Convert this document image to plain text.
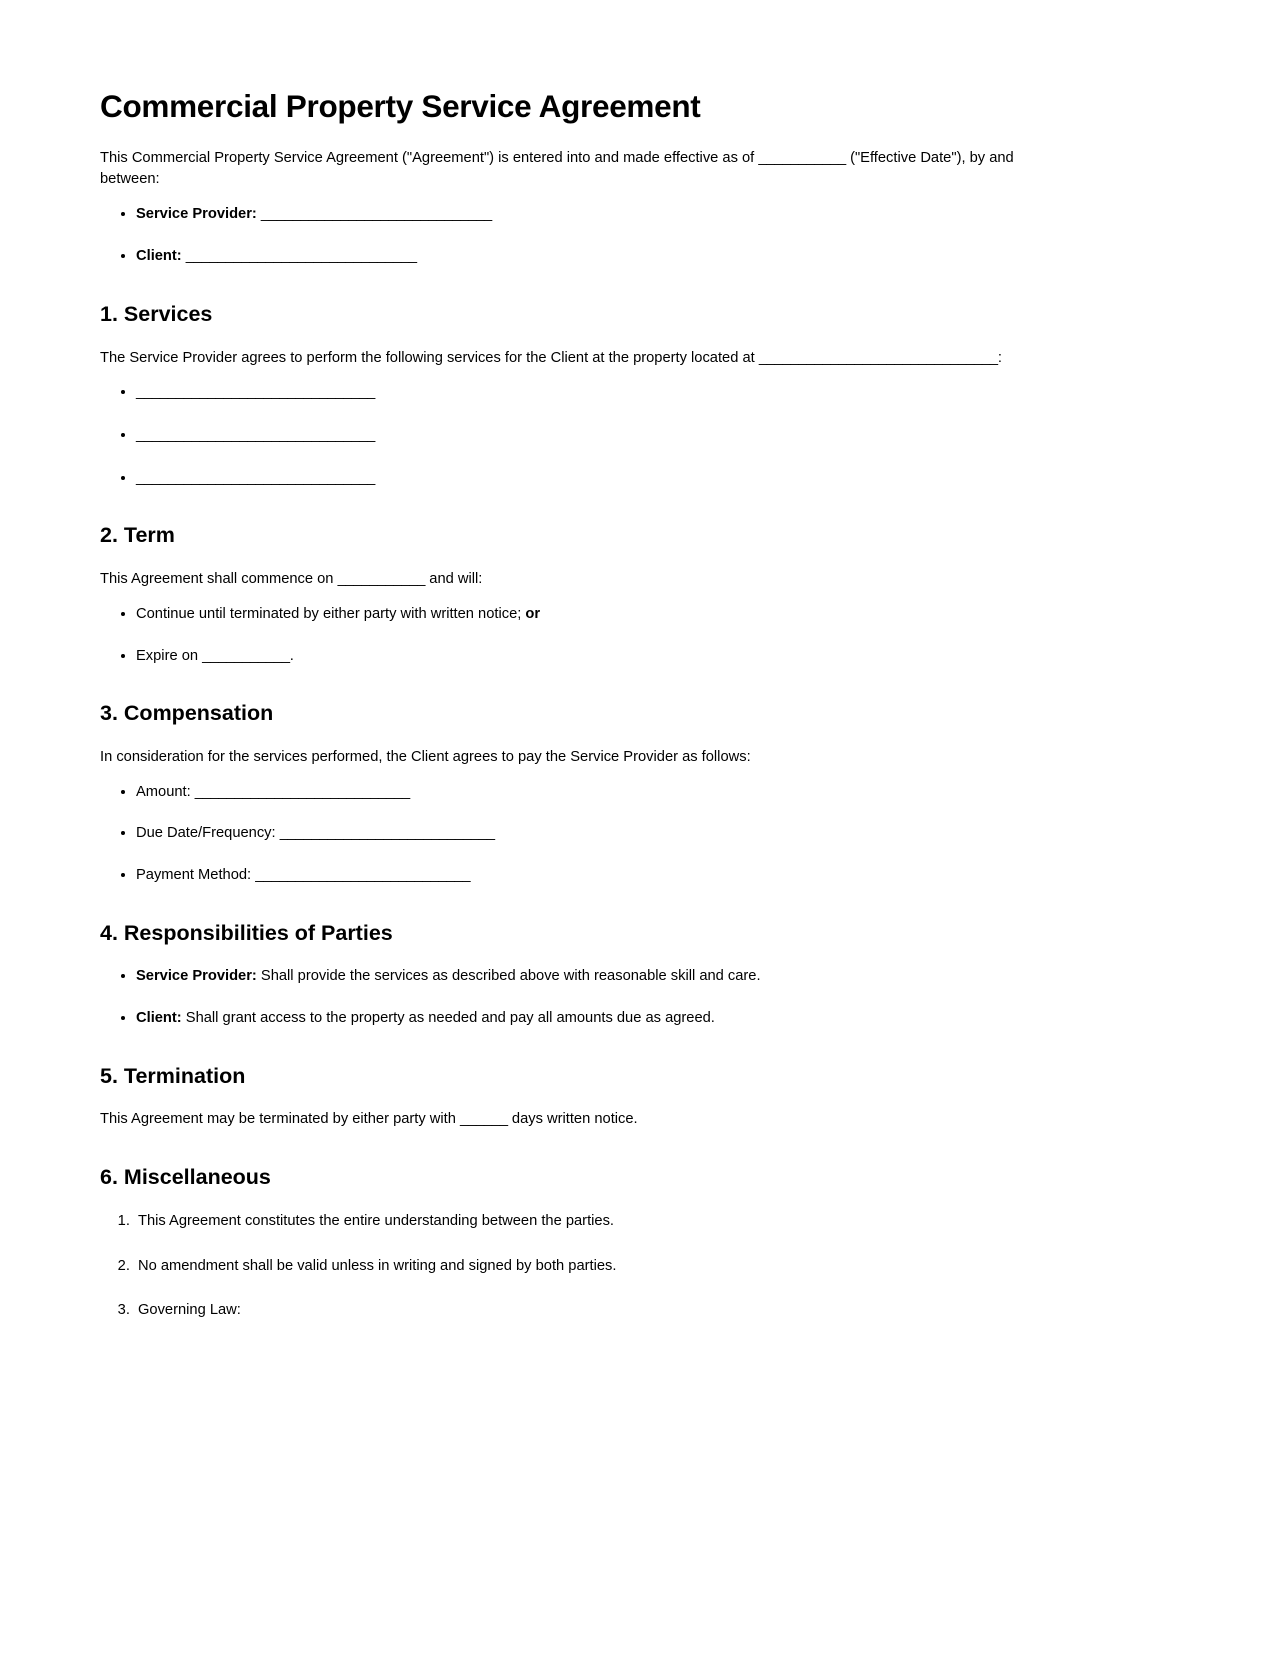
Commercial Property Service Agreement

This Commercial Property Service Agreement ("Agreement") is entered into and made effective as of ___________ ("Effective Date"), by and between:

• Service Provider: _____________________________
• Client: _____________________________
1. Services

The Service Provider agrees to perform the following services for the Client at the property located at ______________________________:

• ______________________________
• ______________________________
• ______________________________
2. Term

This Agreement shall commence on ___________ and will:

• Continue until terminated by either party with written notice; or
• Expire on ___________.
3. Compensation

In consideration for the services performed, the Client agrees to pay the Service Provider as follows:

• Amount: ___________________________
• Due Date/Frequency: ___________________________
• Payment Method: ___________________________
4. Responsibilities of Parties
• Service Provider: Shall provide the services as described above with reasonable skill and care.
• Client: Shall grant access to the property as needed and pay all amounts due as agreed.
5. Termination

This Agreement may be terminated by either party with ______ days written notice.

6. Miscellaneous
1. This Agreement constitutes the entire understanding between the parties.
2. No amendment shall be valid unless in writing and signed by both parties.
3. Governing Law:
